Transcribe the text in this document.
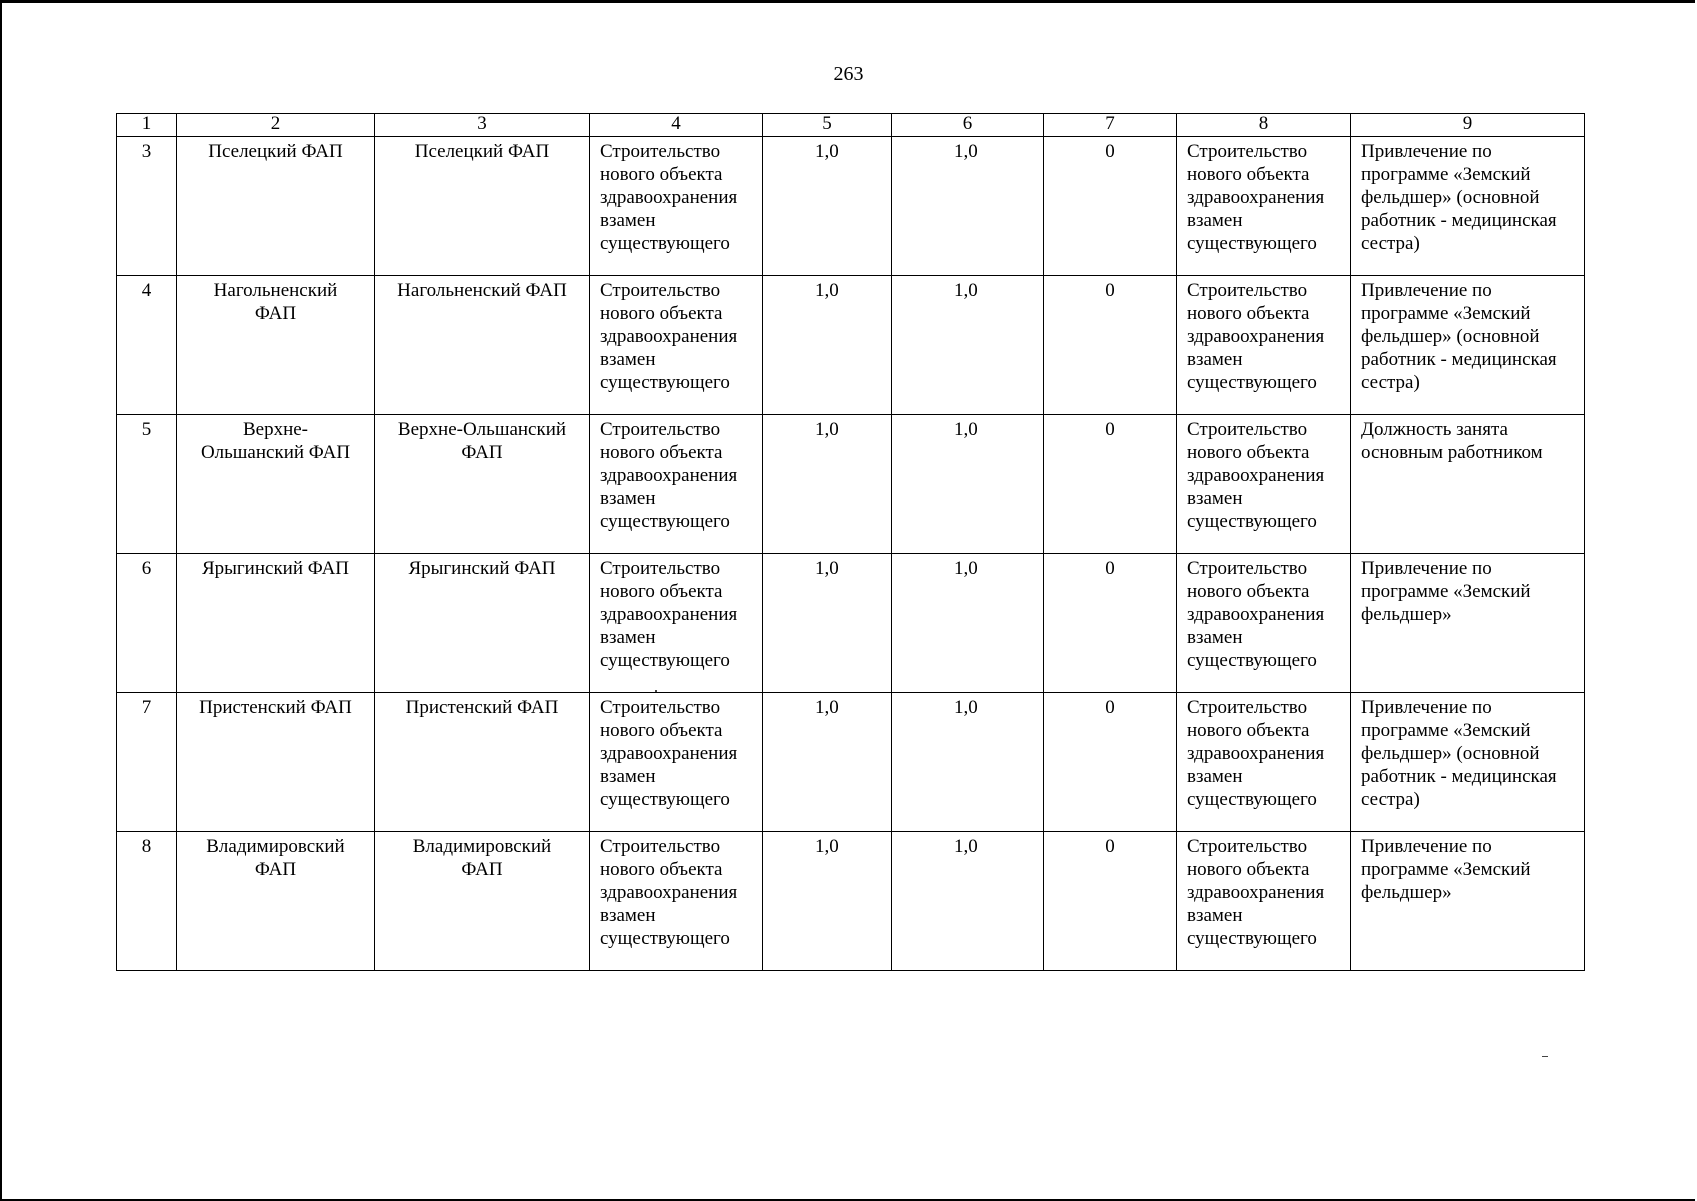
263
1	2	3	4	5	6	7	8	9
3	Пселецкий ФАП	Пселецкий ФАП	Строительство
нового объекта
здравоохранения
взамен
существующего	1,0	1,0	0	Строительство
нового объекта
здравоохранения
взамен
существующего	Привлечение по
программе «Земский
фельдшер» (основной
работник - медицинская
сестра)
4	Нагольненский
ФАП	Нагольненский ФАП	Строительство
нового объекта
здравоохранения
взамен
существующего	1,0	1,0	0	Строительство
нового объекта
здравоохранения
взамен
существующего	Привлечение по
программе «Земский
фельдшер» (основной
работник - медицинская
сестра)
5	Верхне-
Ольшанский ФАП	Верхне-Ольшанский
ФАП	Строительство
нового объекта
здравоохранения
взамен
существующего	1,0	1,0	0	Строительство
нового объекта
здравоохранения
взамен
существующего	Должность занята
основным работником
6	Ярыгинский ФАП	Ярыгинский ФАП	Строительство
нового объекта
здравоохранения
взамен
существующего	1,0	1,0	0	Строительство
нового объекта
здравоохранения
взамен
существующего	Привлечение по
программе «Земский
фельдшер»
7	Пристенский ФАП	Пристенский ФАП	Строительство
нового объекта
здравоохранения
взамен
существующего	1,0	1,0	0	Строительство
нового объекта
здравоохранения
взамен
существующего	Привлечение по
программе «Земский
фельдшер» (основной
работник - медицинская
сестра)
8	Владимировский
ФАП	Владимировский
ФАП	Строительство
нового объекта
здравоохранения
взамен
существующего	1,0	1,0	0	Строительство
нового объекта
здравоохранения
взамен
существующего	Привлечение по
программе «Земский
фельдшер»
